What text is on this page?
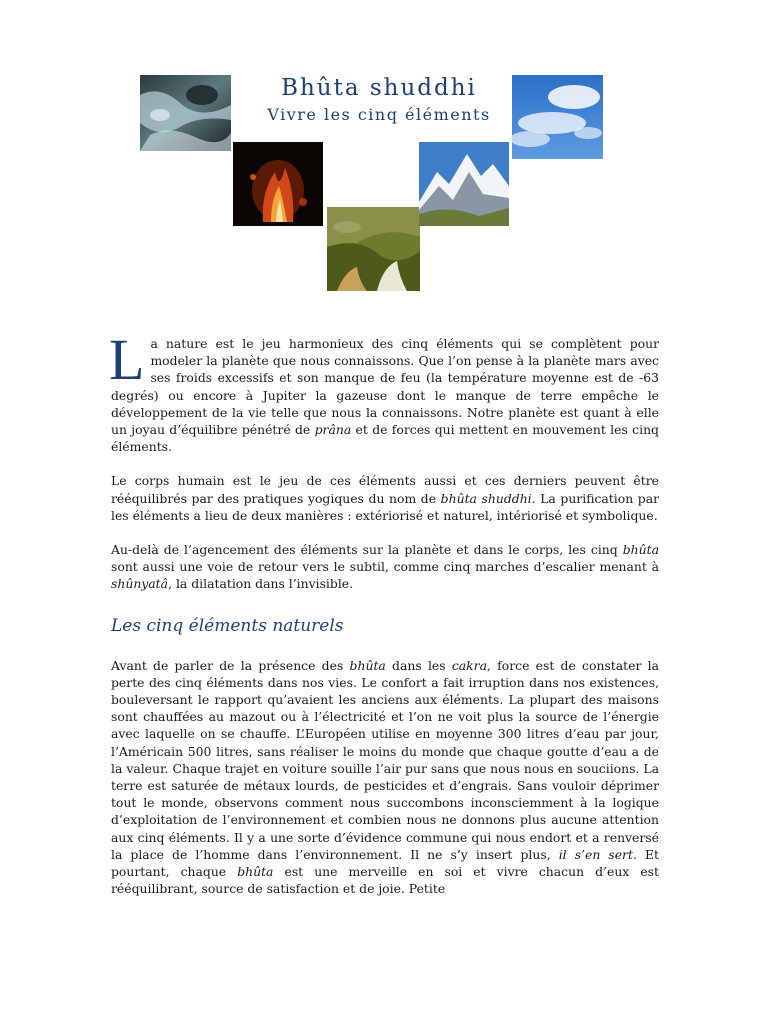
Bhûta shuddhi
Vivre les cinq éléments

La nature est le jeu harmonieux des cinq éléments qui se complètent pour modeler la planète que nous connaissons. Que l’on pense à la planète mars avec ses froids excessifs et son manque de feu (la température moyenne est de -63 degrés) ou encore à Jupiter la gazeuse dont le manque de terre empêche le développement de la vie telle que nous la connaissons. Notre planète est quant à elle un joyau d’équilibre pénétré de prâna et de forces qui mettent en mouvement les cinq éléments.

Le corps humain est le jeu de ces éléments aussi et ces derniers peuvent être rééquilibrés par des pratiques yogiques du nom de bhûta shuddhi. La purification par les éléments a lieu de deux manières : extériorisé et naturel, intériorisé et symbolique.

Au-delà de l’agencement des éléments sur la planète et dans le corps, les cinq bhûta sont aussi une voie de retour vers le subtil, comme cinq marches d’escalier menant à shûnyatâ, la dilatation dans l’invisible.

Les cinq éléments naturels

Avant de parler de la présence des bhûta dans les cakra, force est de constater la perte des cinq éléments dans nos vies. Le confort a fait irruption dans nos existences, bouleversant le rapport qu’avaient les anciens aux éléments. La plupart des maisons sont chauffées au mazout ou à l’électricité et l’on ne voit plus la source de l’énergie avec laquelle on se chauffe. L’Européen utilise en moyenne 300 litres d’eau par jour, l’Américain 500 litres, sans réaliser le moins du monde que chaque goutte d’eau a de la valeur. Chaque trajet en voiture souille l’air pur sans que nous nous en souciions. La terre est saturée de métaux lourds, de pesticides et d’engrais. Sans vouloir déprimer tout le monde, observons comment nous succombons inconsciemment à la logique d’exploitation de l’environnement et combien nous ne donnons plus aucune attention aux cinq éléments. Il y a une sorte d’évidence commune qui nous endort et a renversé la place de l’homme dans l’environnement. Il ne s’y insert plus, il s’en sert. Et pourtant, chaque bhûta est une merveille en soi et vivre chacun d’eux est rééquilibrant, source de satisfaction et de joie. Petite
